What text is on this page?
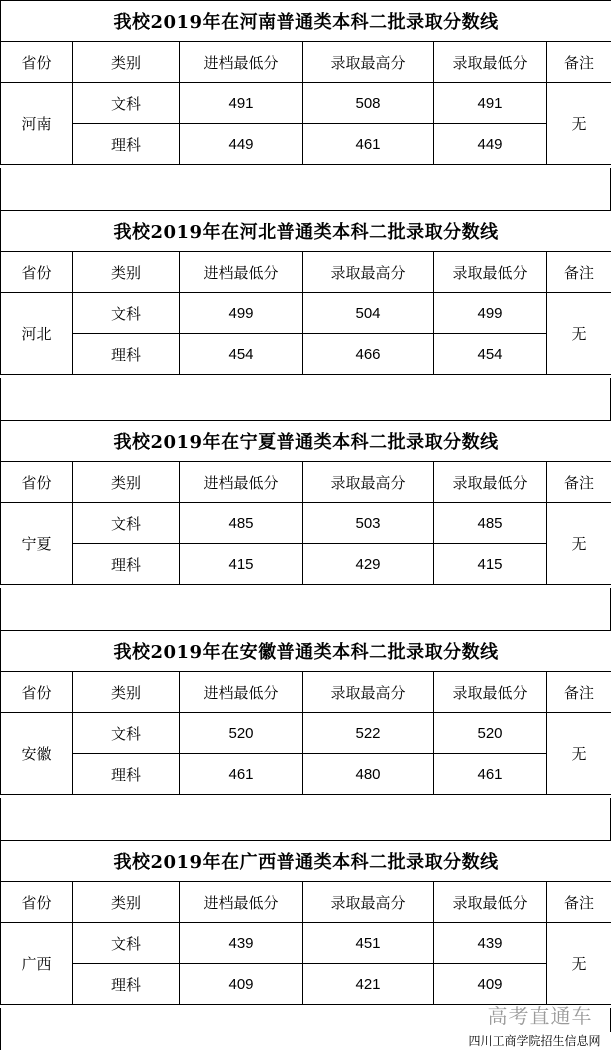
我校2019年在河南普通类本科二批录取分数线					
省份	类别	进档最低分	录取最高分	录取最低分	备注
河南	文科	491	508	491	无
	理科	449	461	449	
我校2019年在河北普通类本科二批录取分数线					
省份	类别	进档最低分	录取最高分	录取最低分	备注
河北	文科	499	504	499	无
	理科	454	466	454	
我校2019年在宁夏普通类本科二批录取分数线					
省份	类别	进档最低分	录取最高分	录取最低分	备注
宁夏	文科	485	503	485	无
	理科	415	429	415	
我校2019年在安徽普通类本科二批录取分数线					
省份	类别	进档最低分	录取最高分	录取最低分	备注
安徽	文科	520	522	520	无
	理科	461	480	461	
我校2019年在广西普通类本科二批录取分数线					
省份	类别	进档最低分	录取最高分	录取最低分	备注
广西	文科	439	451	439	无
	理科	409	421	409	
高考直通车
四川工商学院招生信息网
